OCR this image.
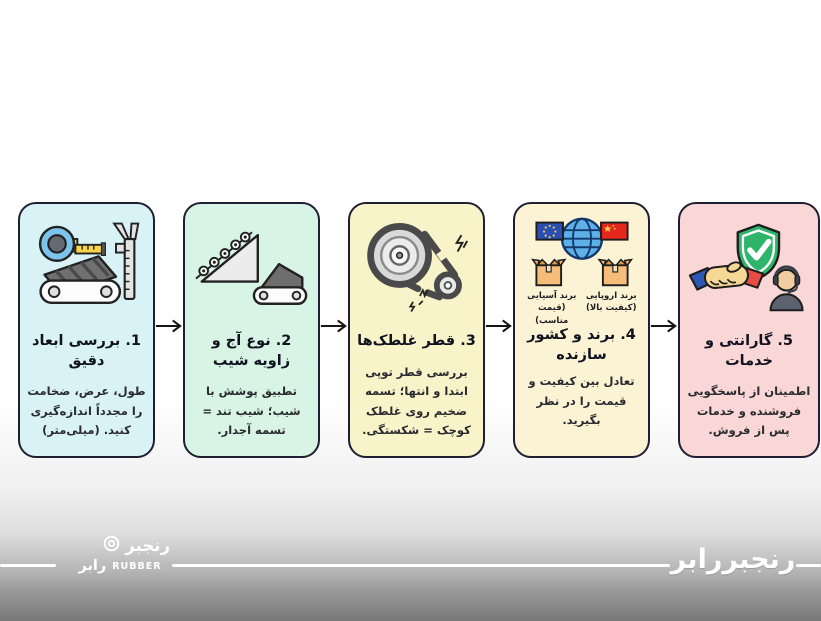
1. بررسی ابعاد دقیق
طول، عرض، ضخامت را مجدداً اندازه‌گیری کنید. (میلی‌متر)
2. نوع آج و زاویه شیب
تطبیق پوشش با شیب؛ شیب تند = تسمه آجدار.
3. قطر غلطک‌ها
بررسی قطر توپی ابتدا و انتها؛ تسمه ضخیم روی غلطک کوچک = شکستگی.
برند اروپایی
(کیفیت بالا)
برند آسیایی
(قیمت مناسب)
4. برند و کشور سازنده
تعادل بین کیفیت و قیمت را در نظر بگیرید.
5. گارانتی و خدمات
اطمینان از پاسخگویی فروشنده و خدمات پس از فروش.
رنجبر
رابر RUBBER	رنجبررابر
